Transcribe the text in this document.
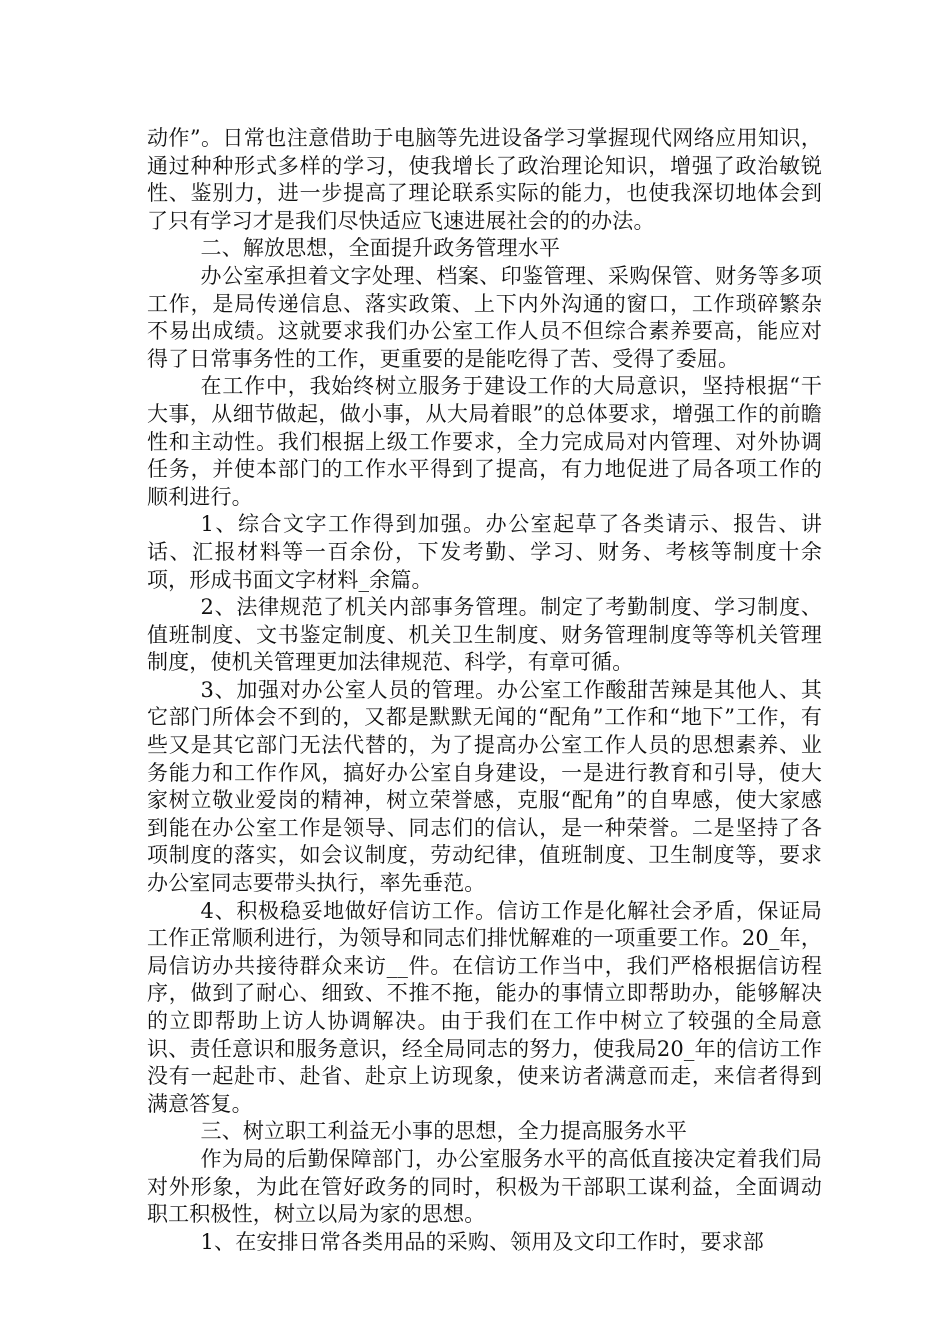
动作”。日常也注意借助于电脑等先进设备学习掌握现代网络应用知识，通过种种形式多样的学习，使我增长了政治理论知识，增强了政治敏锐性、鉴别力，进一步提高了理论联系实际的能力，也使我深切地体会到了只有学习才是我们尽快适应飞速进展社会的的办法。

二、解放思想，全面提升政务管理水平

办公室承担着文字处理、档案、印鉴管理、采购保管、财务等多项工作，是局传递信息、落实政策、上下内外沟通的窗口，工作琐碎繁杂不易出成绩。这就要求我们办公室工作人员不但综合素养要高，能应对得了日常事务性的工作，更重要的是能吃得了苦、受得了委屈。

在工作中，我始终树立服务于建设工作的大局意识，坚持根据“干大事，从细节做起，做小事，从大局着眼”的总体要求，增强工作的前瞻性和主动性。我们根据上级工作要求，全力完成局对内管理、对外协调任务，并使本部门的工作水平得到了提高，有力地促进了局各项工作的顺利进行。

1、综合文字工作得到加强。办公室起草了各类请示、报告、讲话、汇报材料等一百余份，下发考勤、学习、财务、考核等制度十余项，形成书面文字材料_余篇。

2、法律规范了机关内部事务管理。制定了考勤制度、学习制度、值班制度、文书鉴定制度、机关卫生制度、财务管理制度等等机关管理制度，使机关管理更加法律规范、科学，有章可循。

3、加强对办公室人员的管理。办公室工作酸甜苦辣是其他人、其它部门所体会不到的，又都是默默无闻的“配角”工作和“地下”工作，有些又是其它部门无法代替的，为了提高办公室工作人员的思想素养、业务能力和工作作风，搞好办公室自身建设，一是进行教育和引导，使大家树立敬业爱岗的精神，树立荣誉感，克服“配角”的自卑感，使大家感到能在办公室工作是领导、同志们的信认，是一种荣誉。二是坚持了各项制度的落实，如会议制度，劳动纪律，值班制度、卫生制度等，要求办公室同志要带头执行，率先垂范。

4、积极稳妥地做好信访工作。信访工作是化解社会矛盾，保证局工作正常顺利进行，为领导和同志们排忧解难的一项重要工作。20_年，局信访办共接待群众来访__件。在信访工作当中，我们严格根据信访程序，做到了耐心、细致、不推不拖，能办的事情立即帮助办，能够解决的立即帮助上访人协调解决。由于我们在工作中树立了较强的全局意识、责任意识和服务意识，经全局同志的努力，使我局20_年的信访工作没有一起赴市、赴省、赴京上访现象，使来访者满意而走，来信者得到满意答复。

三、树立职工利益无小事的思想，全力提高服务水平

作为局的后勤保障部门，办公室服务水平的高低直接决定着我们局对外形象，为此在管好政务的同时，积极为干部职工谋利益，全面调动职工积极性，树立以局为家的思想。

1、在安排日常各类用品的采购、领用及文印工作时，要求部
